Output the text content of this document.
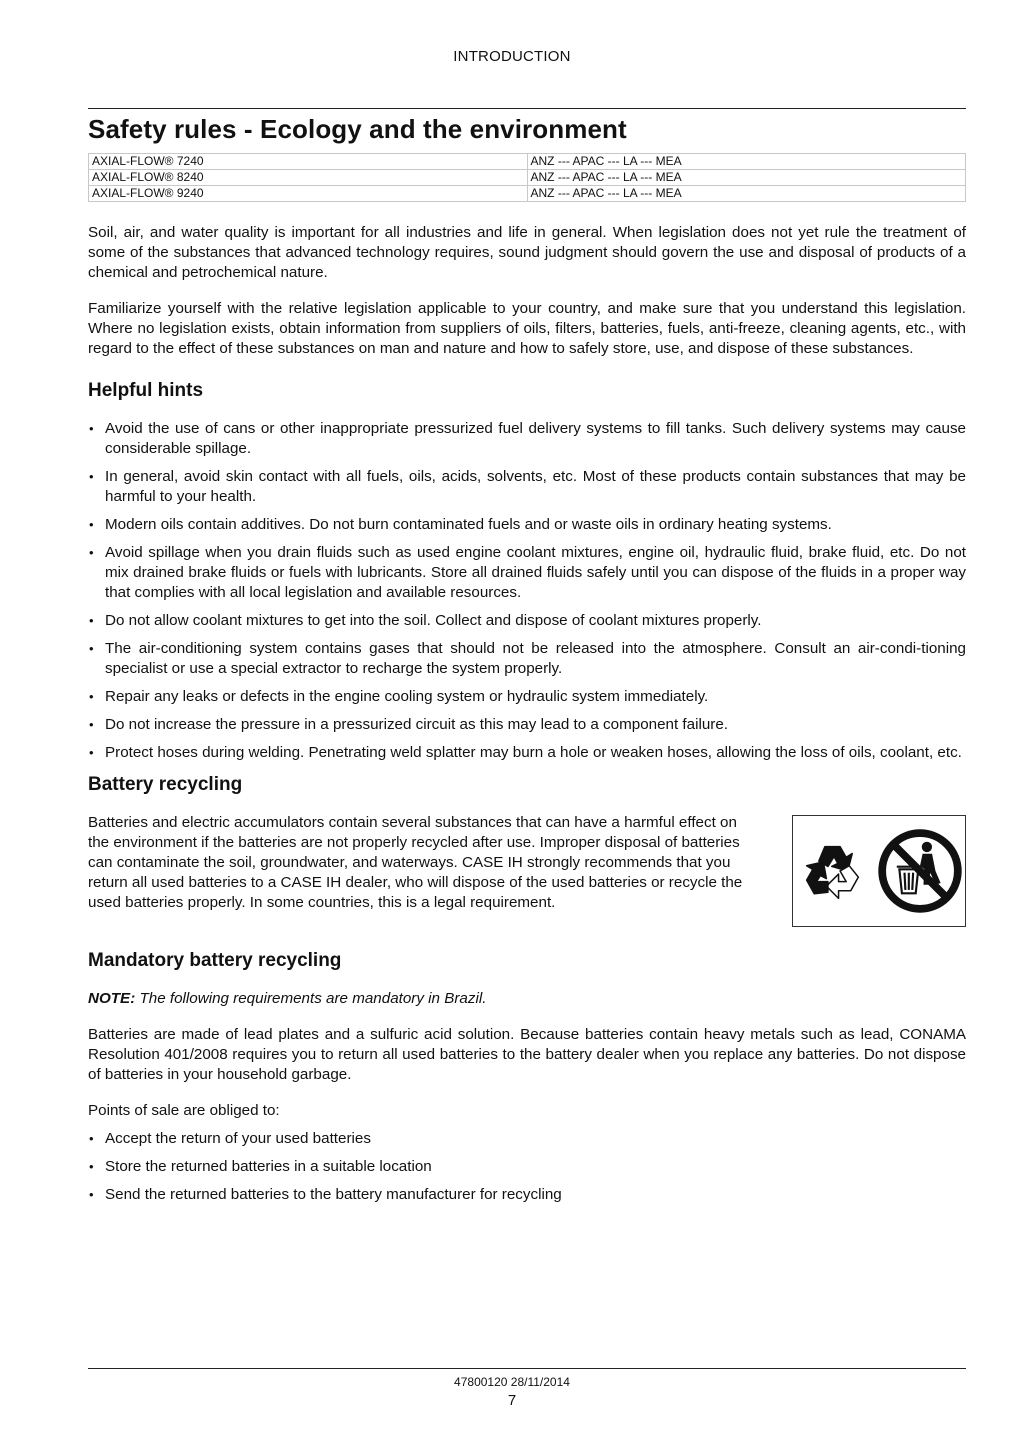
INTRODUCTION
Safety rules - Ecology and the environment
AXIAL-FLOW® 7240	ANZ --- APAC --- LA --- MEA
AXIAL-FLOW® 8240	ANZ --- APAC --- LA --- MEA
AXIAL-FLOW® 9240	ANZ --- APAC --- LA --- MEA

Soil, air, and water quality is important for all industries and life in general. When legislation does not yet rule the treatment of some of the substances that advanced technology requires, sound judgment should govern the use and disposal of products of a chemical and petrochemical nature.

Familiarize yourself with the relative legislation applicable to your country, and make sure that you understand this legislation. Where no legislation exists, obtain information from suppliers of oils, filters, batteries, fuels, anti-freeze, cleaning agents, etc., with regard to the effect of these substances on man and nature and how to safely store, use, and dispose of these substances.

Helpful hints
• Avoid the use of cans or other inappropriate pressurized fuel delivery systems to fill tanks. Such delivery systems may cause considerable spillage.
• In general, avoid skin contact with all fuels, oils, acids, solvents, etc. Most of these products contain substances that may be harmful to your health.
• Modern oils contain additives. Do not burn contaminated fuels and or waste oils in ordinary heating systems.
• Avoid spillage when you drain fluids such as used engine coolant mixtures, engine oil, hydraulic fluid, brake fluid, etc. Do not mix drained brake fluids or fuels with lubricants. Store all drained fluids safely until you can dispose of the fluids in a proper way that complies with all local legislation and available resources.
• Do not allow coolant mixtures to get into the soil. Collect and dispose of coolant mixtures properly.
• The air-conditioning system contains gases that should not be released into the atmosphere. Consult an air-condi-tioning specialist or use a special extractor to recharge the system properly.
• Repair any leaks or defects in the engine cooling system or hydraulic system immediately.
• Do not increase the pressure in a pressurized circuit as this may lead to a component failure.
• Protect hoses during welding. Penetrating weld splatter may burn a hole or weaken hoses, allowing the loss of oils, coolant, etc.
Battery recycling

Batteries and electric accumulators contain several substances that can have a harmful effect on the environment if the batteries are not properly recycled after use. Improper disposal of batteries can contaminate the soil, groundwater, and waterways. CASE IH strongly recommends that you return all used batteries to a CASE IH dealer, who will dispose of the used batteries or recycle the used batteries properly. In some countries, this is a legal requirement.

Mandatory battery recycling

NOTE: The following requirements are mandatory in Brazil.

Batteries are made of lead plates and a sulfuric acid solution. Because batteries contain heavy metals such as lead, CONAMA Resolution 401/2008 requires you to return all used batteries to the battery dealer when you replace any batteries. Do not dispose of batteries in your household garbage.

Points of sale are obliged to:

• Accept the return of your used batteries
• Store the returned batteries in a suitable location
• Send the returned batteries to the battery manufacturer for recycling
47800120 28/11/2014
7
